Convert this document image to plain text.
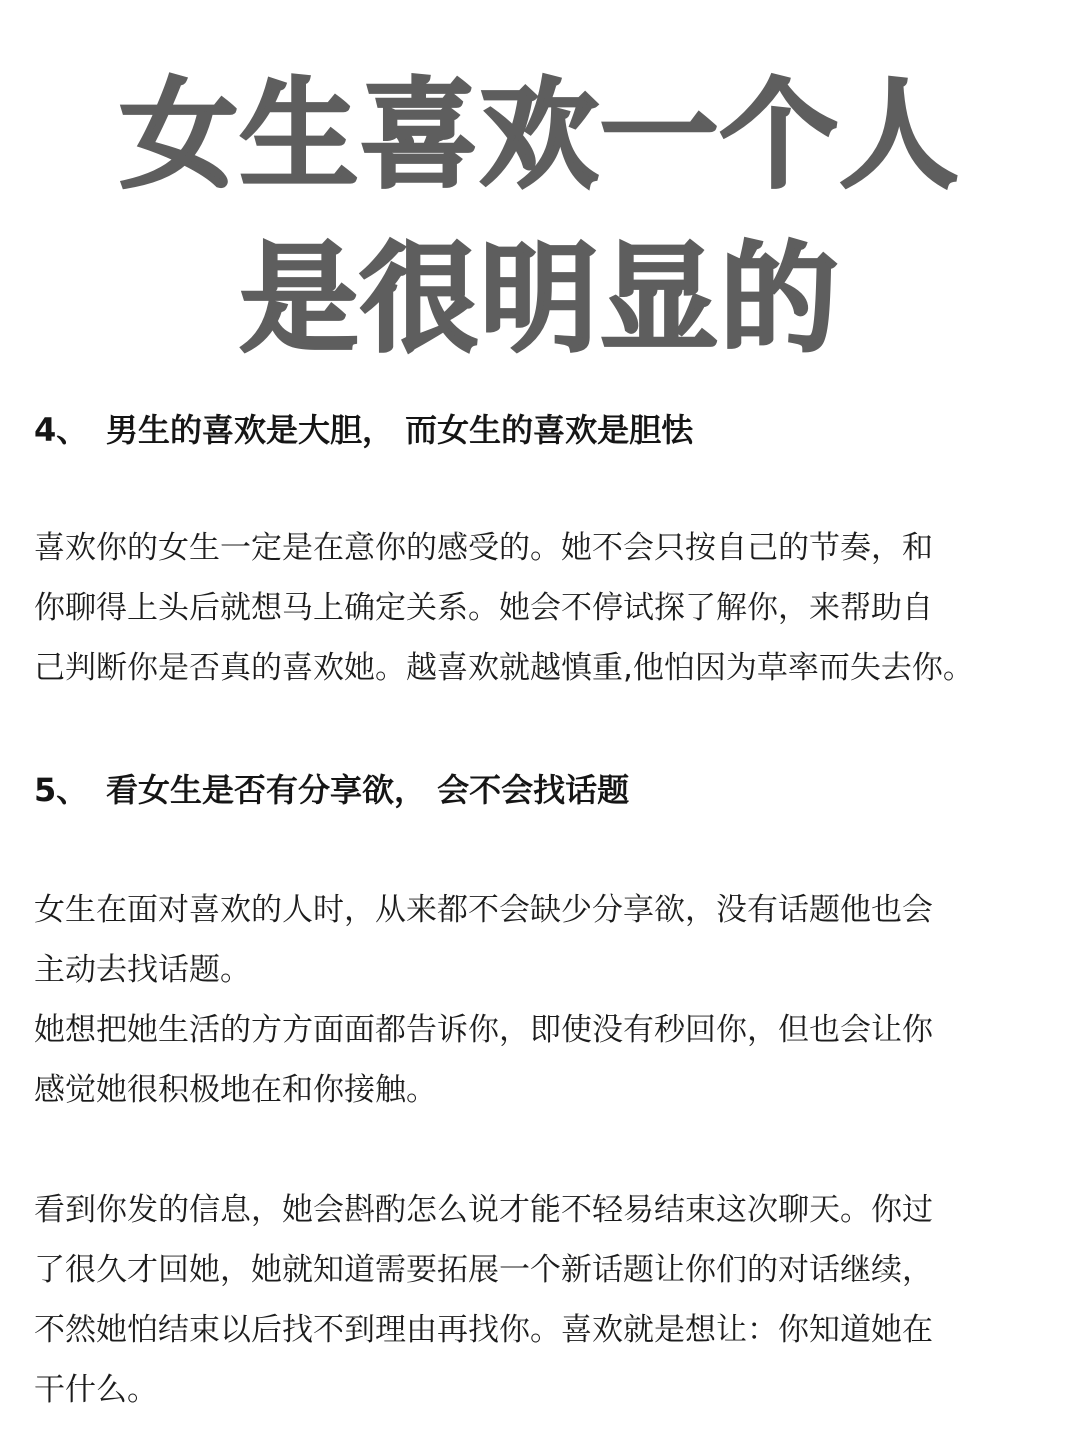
女生喜欢一个人
是很明显的
4、 男生的喜欢是大胆， 而女生的喜欢是胆怯
喜欢你的女生一定是在意你的感受的。她不会只按自己的节奏，和
你聊得上头后就想马上确定关系。她会不停试探了解你，来帮助自
己判断你是否真的喜欢她。越喜欢就越慎重,他怕因为草率而失去你。
5、 看女生是否有分享欲， 会不会找话题
女生在面对喜欢的人时，从来都不会缺少分享欲，没有话题他也会
主动去找话题。
她想把她生活的方方面面都告诉你，即使没有秒回你，但也会让你
感觉她很积极地在和你接触。
看到你发的信息，她会斟酌怎么说才能不轻易结束这次聊天。你过
了很久才回她，她就知道需要拓展一个新话题让你们的对话继续，
不然她怕结束以后找不到理由再找你。喜欢就是想让：你知道她在
干什么。
